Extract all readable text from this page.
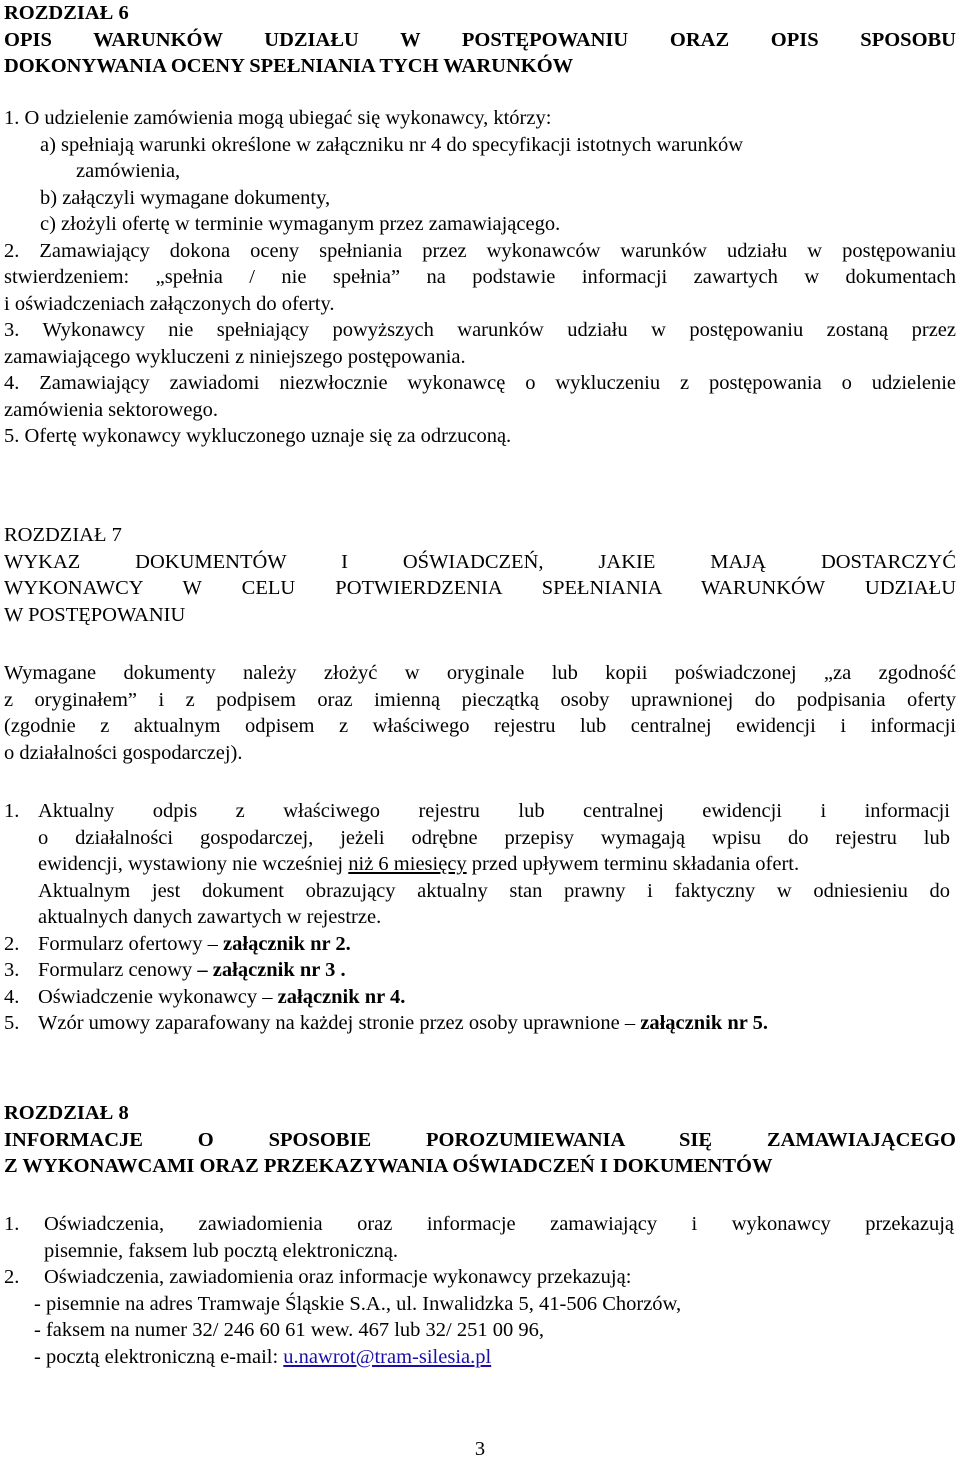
ROZDZIAŁ 6
OPIS WARUNKÓW UDZIAŁU W POSTĘPOWANIU ORAZ OPIS SPOSOBU
DOKONYWANIA OCENY SPEŁNIANIA TYCH WARUNKÓW
1. O udzielenie zamówienia mogą ubiegać się wykonawcy, którzy:
a) spełniają warunki określone w załączniku nr 4 do specyfikacji istotnych warunków
zamówienia,
b) załączyli wymagane dokumenty,
c) złożyli ofertę w terminie wymaganym przez zamawiającego.
2. Zamawiający dokona oceny spełniania przez wykonawców warunków udziału w postępowaniu
stwierdzeniem: „spełnia / nie spełnia” na podstawie informacji zawartych w dokumentach
i oświadczeniach załączonych do oferty.
3. Wykonawcy nie spełniający powyższych warunków udziału w postępowaniu zostaną przez
zamawiającego wykluczeni z niniejszego postępowania.
4. Zamawiający zawiadomi niezwłocznie wykonawcę o wykluczeniu z postępowania o udzielenie
zamówienia sektorowego.
5. Ofertę wykonawcy wykluczonego uznaje się za odrzuconą.
ROZDZIAŁ 7
WYKAZ DOKUMENTÓW I OŚWIADCZEŃ, JAKIE MAJĄ DOSTARCZYĆ
WYKONAWCY W CELU POTWIERDZENIA SPEŁNIANIA WARUNKÓW UDZIAŁU
W POSTĘPOWANIU
Wymagane dokumenty należy złożyć w oryginale lub kopii poświadczonej „za zgodność
z oryginałem” i z podpisem oraz imienną pieczątką osoby uprawnionej do podpisania oferty
(zgodnie z aktualnym odpisem z właściwego rejestru lub centralnej ewidencji i informacji
o działalności gospodarczej).
1. Aktualny odpis z właściwego rejestru lub centralnej ewidencji i informacji
o działalności gospodarczej, jeżeli odrębne przepisy wymagają wpisu do rejestru lub
ewidencji, wystawiony nie wcześniej niż 6 miesięcy przed upływem terminu składania ofert.
Aktualnym jest dokument obrazujący aktualny stan prawny i faktyczny w odniesieniu do
aktualnych danych zawartych w rejestrze.
2. Formularz ofertowy – załącznik nr 2.
3. Formularz cenowy – załącznik nr 3 .
4. Oświadczenie wykonawcy – załącznik nr 4.
5. Wzór umowy zaparafowany na każdej stronie przez osoby uprawnione – załącznik nr 5.
ROZDZIAŁ 8
INFORMACJE O SPOSOBIE POROZUMIEWANIA SIĘ ZAMAWIAJĄCEGO
Z WYKONAWCAMI ORAZ PRZEKAZYWANIA OŚWIADCZEŃ I DOKUMENTÓW
1. Oświadczenia, zawiadomienia oraz informacje zamawiający i wykonawcy przekazują
pisemnie, faksem lub pocztą elektroniczną.
2. Oświadczenia, zawiadomienia oraz informacje wykonawcy przekazują:
- pisemnie na adres Tramwaje Śląskie S.A., ul. Inwalidzka 5, 41-506 Chorzów,
- faksem na numer 32/ 246 60 61 wew. 467 lub 32/ 251 00 96,
- pocztą elektroniczną e-mail: u.nawrot@tram-silesia.pl
3
